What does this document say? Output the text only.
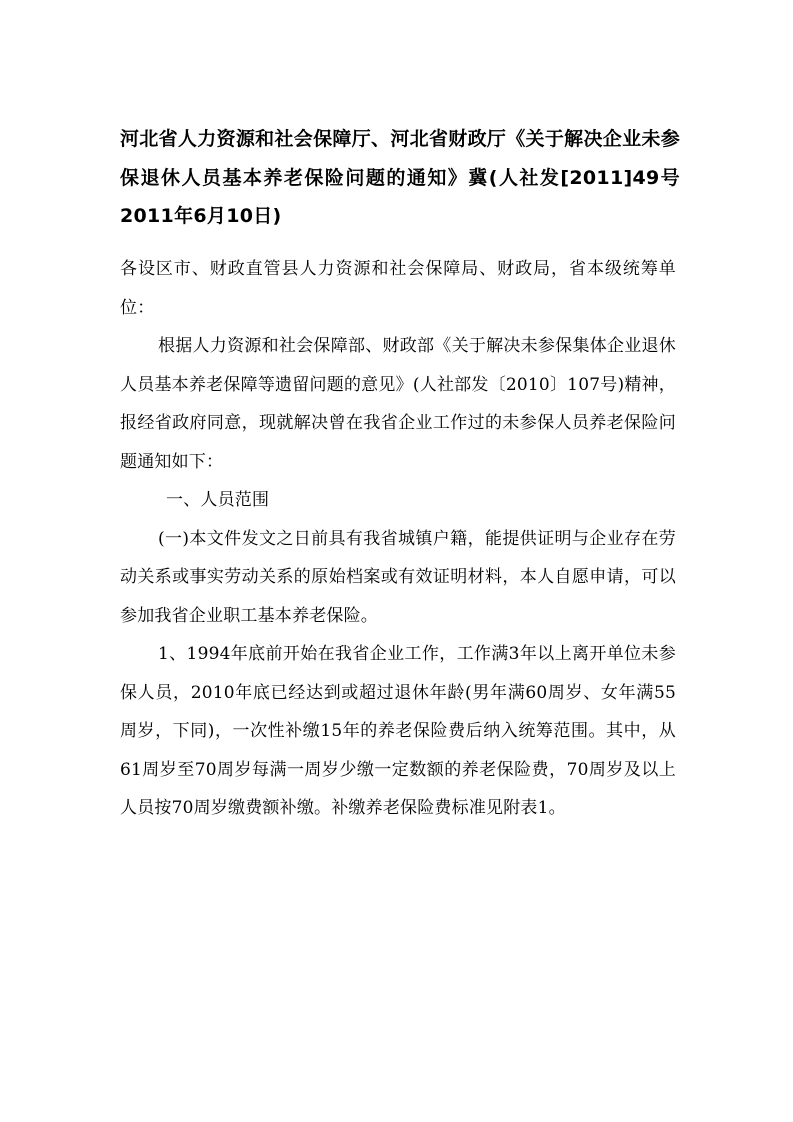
河北省人力资源和社会保障厅、河北省财政厅《关于解决企业未参保退休人员基本养老保险问题的通知》冀(人社发[2011]49号　2011年6月10日)

各设区市、财政直管县人力资源和社会保障局、财政局，省本级统筹单位：

根据人力资源和社会保障部、财政部《关于解决未参保集体企业退休人员基本养老保障等遗留问题的意见》(人社部发〔2010〕107号)精神，报经省政府同意，现就解决曾在我省企业工作过的未参保人员养老保险问题通知如下：

一、人员范围

(一)本文件发文之日前具有我省城镇户籍，能提供证明与企业存在劳动关系或事实劳动关系的原始档案或有效证明材料，本人自愿申请，可以参加我省企业职工基本养老保险。

1、1994年底前开始在我省企业工作，工作满3年以上离开单位未参保人员，2010年底已经达到或超过退休年龄(男年满60周岁、女年满55周岁，下同)，一次性补缴15年的养老保险费后纳入统筹范围。其中，从61周岁至70周岁每满一周岁少缴一定数额的养老保险费，70周岁及以上人员按70周岁缴费额补缴。补缴养老保险费标准见附表1。
